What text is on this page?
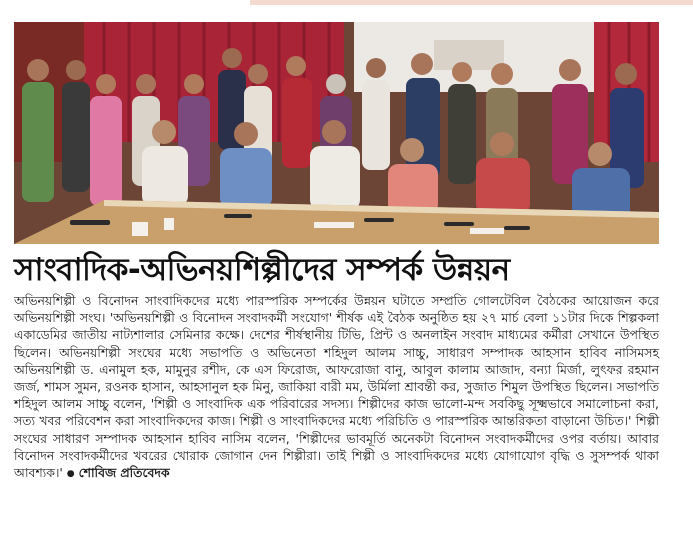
সাংবাদিক-অভিনয়শিল্পীদের সম্পর্ক উন্নয়ন

অভিনয়শিল্পী ও বিনোদন সাংবাদিকদের মধ্যে পারস্পরিক সম্পর্কের উন্নয়ন ঘটাতে সম্প্রতি গোলটেবিল বৈঠকের আয়োজন করে অভিনয়শিল্পী সংঘ। 'অভিনয়শিল্পী ও বিনোদন সংবাদকর্মী সংযোগ' শীর্ষক এই বৈঠক অনুষ্ঠিত হয় ২৭ মার্চ বেলা ১১টার দিকে শিল্পকলা একাডেমির জাতীয় নাট্যশালার সেমিনার কক্ষে। দেশের শীর্ষস্থানীয় টিভি, প্রিন্ট ও অনলাইন সংবাদ মাধ্যমের কর্মীরা সেখানে উপস্থিত ছিলেন। অভিনয়শিল্পী সংঘের মধ্যে সভাপতি ও অভিনেতা শহিদুল আলম সাচ্চু, সাধারণ সম্পাদক আহসান হাবিব নাসিমসহ অভিনয়শিল্পী ড. এনামুল হক, মামুনুর রশীদ, কে এস ফিরোজ, আফরোজা বানু, আবুল কালাম আজাদ, বন্যা মির্জা, লুৎফর রহমান জর্জ, শামস সুমন, রওনক হাসান, আহসানুল হক মিনু, জাকিয়া বারী মম, উর্মিলা শ্রাবন্তী কর, সুজাত শিমুল উপস্থিত ছিলেন। সভাপতি শহিদুল আলম সাচ্চু বলেন, 'শিল্পী ও সাংবাদিক এক পরিবারের সদস্য। শিল্পীদের কাজ ভালো-মন্দ সবকিছু সূক্ষ্মভাবে সমালোচনা করা, সত্য খবর পরিবেশন করা সাংবাদিকদের কাজ। শিল্পী ও সাংবাদিকদের মধ্যে পরিচিতি ও পারস্পরিক আন্তরিকতা বাড়ানো উচিত।' শিল্পী সংঘের সাধারণ সম্পাদক আহসান হাবিব নাসিম বলেন, 'শিল্পীদের ভাবমূর্তি অনেকটা বিনোদন সংবাদকর্মীদের ওপর বর্তায়। আবার বিনোদন সংবাদকর্মীদের খবরের খোরাক জোগান দেন শিল্পীরা। তাই শিল্পী ও সাংবাদিকদের মধ্যে যোগাযোগ বৃদ্ধি ও সুসম্পর্ক থাকা আবশ্যক।' ● শোবিজ প্রতিবেদক
